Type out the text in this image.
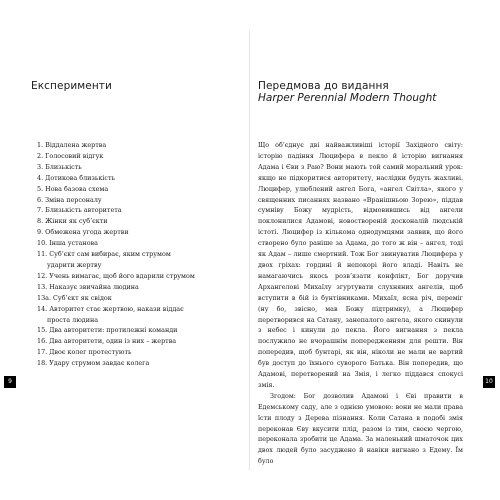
Експерименти
1. Віддалена жертва
2. Голосовий відгук
3. Близькість
4. Дотикова близькість
5. Нова базова схема
6. Зміна персоналу
7. Близькість авторитета
8. Жінки як суб’єкти
9. Обмежена угода жертви
10. Інша установа
11. Суб’єкт сам вибирає, яким струмом
ударити жертву
12. Учень вимагає, щоб його вдарили струмом
13. Наказує звичайна людина
13а. Суб’єкт як свідок
14. Авторитет стає жертвою, накази віддає
проста людина
15. Два авторитети: протилежні команди
16. Два авторитети, один із них – жертва
17. Двоє колег протестують
18. Удару струмом завдає колега
9
Передмова до видання
Harper Perennial Modern Thought

Що об’єднує дві найважливіші історії Західного світу: історію падіння Люцифера в пекло й історію вигнання Адама і Єви з Раю? Вони мають той самий моральний урок: якщо не підкоритися авторитету, наслідки будуть жахливі. Люцифер, улюблений ангел Бога, «ангел Світла», якого у священних писаннях названо «Вранішньою Зорею», піддав сумніву Божу мудрість, відмовившись від ангели поклонилися Адамові, новоствореній досконалій людській істоті. Люцифер із кількома однодумцями заявив, що його створено було раніше за Адама, до того ж він – ангел, тоді як Адам – лише смертний. Тож Бог звинуватив Люцифера у двох гріхах: гордині й непокорі його владі. Навіть не намагаючись якось розв’язати конфлікт, Бог доручив Архангелові Михаїлу згуртувати слухняних ангелів, щоб вступити в бій із бунтівниками. Михаїл, ясна річ, переміг (ну бо, звісно, мав Божу підтримку), а Люцифер перетворився на Сатану, занепалого ангела, якого скинули з небес і кинули до пекла. Його вигнання з пекла послужило не вчорашнім попередженням для решти. Він попередив, щоб бунтарі, як він, ніколи не мали не вартий був доступ до їхнього суворого Батька. Він попередив, що Адамові, перетворений на Змія, і легко піддався спокусі змія.

Згодом: Бог дозволив Адамові і Єві правити в Едемському саду, але з однією умовою: вони не мали права їсти плоду з Дерева пізнання. Коли Сатана в подобі змія переконав Єву вкусити плід, разом із тим, своєю чергою, переконала зробити це Адама. За маленький шматочок цих двох людей було засуджено й навіки вигнано з Едему. Їм було

10
